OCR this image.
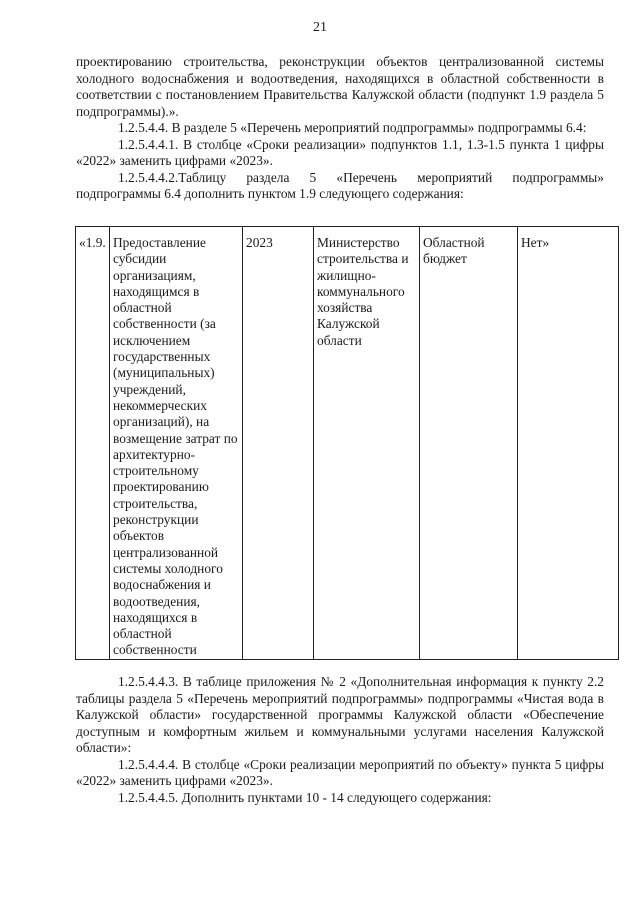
21

проектированию строительства, реконструкции объектов централизованной системы холодного водоснабжения и водоотведения, находящихся в областной собственности в соответствии с постановлением Правительства Калужской области (подпункт 1.9 раздела 5 подпрограммы).».

1.2.5.4.4. В разделе 5 «Перечень мероприятий подпрограммы» подпрограммы 6.4:

1.2.5.4.4.1. В столбце «Сроки реализации» подпунктов 1.1, 1.3-1.5 пункта 1 цифры «2022» заменить цифрами «2023».

1.2.5.4.4.2.Таблицу раздела 5 «Перечень мероприятий подпрограммы» подпрограммы 6.4 дополнить пунктом 1.9 следующего содержания:

«1.9.	Предоставление субсидии организациям, находящимся в областной собственности (за исключением государственных (муниципальных) учреждений, некоммерческих организаций), на возмещение затрат по архитектурно-строительному проектированию строительства, реконструкции объектов централизованной системы холодного водоснабжения и водоотведения, находящихся в областной собственности	2023	Министерство строительства и жилищно-коммунального хозяйства Калужской области	Областной бюджет	Нет»

1.2.5.4.4.3. В таблице приложения № 2 «Дополнительная информация к пункту 2.2 таблицы раздела 5 «Перечень мероприятий подпрограммы» подпрограммы «Чистая вода в Калужской области» государственной программы Калужской области «Обеспечение доступным и комфортным жильем и коммунальными услугами населения Калужской области»:

1.2.5.4.4.4. В столбце «Сроки реализации мероприятий по объекту» пункта 5 цифры «2022» заменить цифрами «2023».

1.2.5.4.4.5. Дополнить пунктами 10 - 14 следующего содержания:
